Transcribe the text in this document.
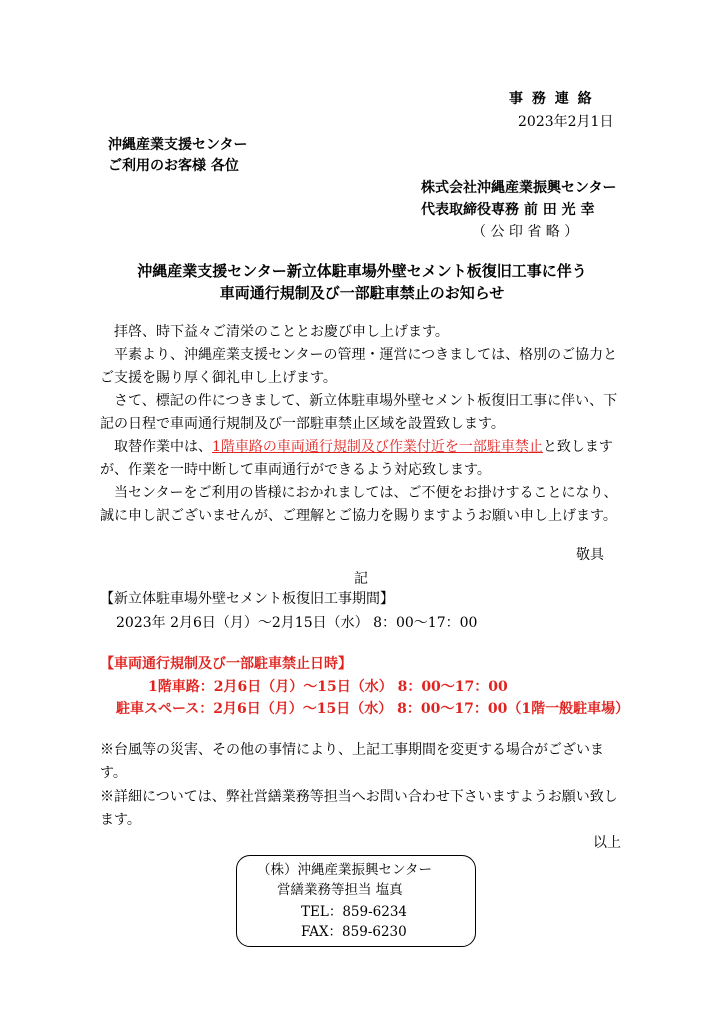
事 務 連 絡
2023年2月1日
沖縄産業支援センター
ご利用のお客様 各位
株式会社沖縄産業振興センター
代表取締役専務 前 田 光 幸
（ 公 印 省 略 ）
沖縄産業支援センター新立体駐車場外壁セメント板復旧工事に伴う
車両通行規制及び一部駐車禁止のお知らせ
拝啓、時下益々ご清栄のこととお慶び申し上げます。
平素より、沖縄産業支援センターの管理・運営につきましては、格別のご協力とご支援を賜り厚く御礼申し上げます。
さて、標記の件につきまして、新立体駐車場外壁セメント板復旧工事に伴い、下記の日程で車両通行規制及び一部駐車禁止区域を設置致します。
取替作業中は、1階車路の車両通行規制及び作業付近を一部駐車禁止と致しますが、作業を一時中断して車両通行ができるよう対応致します。
当センターをご利用の皆様におかれましては、ご不便をお掛けすることになり、誠に申し訳ございませんが、ご理解とご協力を賜りますようお願い申し上げます。
敬具
記
【新立体駐車場外壁セメント板復旧工事期間】
2023年 2月6日（月）～2月15日（水） 8：00～17：00
【車両通行規制及び一部駐車禁止日時】
1階車路：2月6日（月）～15日（水） 8：00～17：00
駐車スペース：2月6日（月）～15日（水） 8：00～17：00（1階一般駐車場）
※台風等の災害、その他の事情により、上記工事期間を変更する場合がございます。
※詳細については、弊社営繕業務等担当へお問い合わせ下さいますようお願い致します。
以上
（株）沖縄産業振興センター
営繕業務等担当 塩真
TEL：859-6234
FAX：859-6230
